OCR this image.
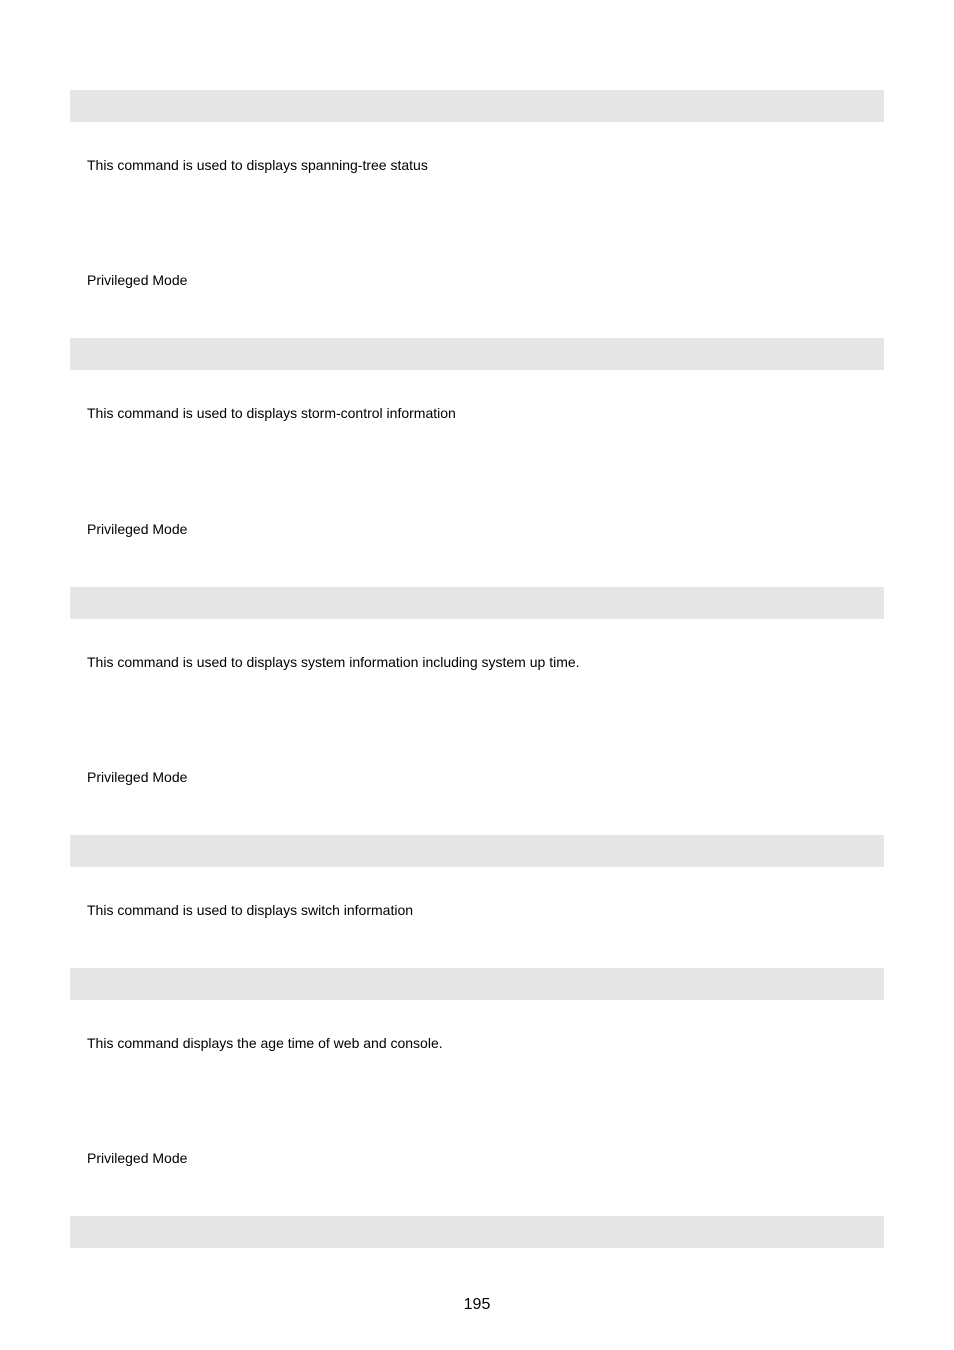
This command is used to displays spanning-tree status
Privileged Mode
This command is used to displays storm-control information
Privileged Mode
This command is used to displays system information including system up time.
Privileged Mode
This command is used to displays switch information
This command displays the age time of web and console.
Privileged Mode
195
